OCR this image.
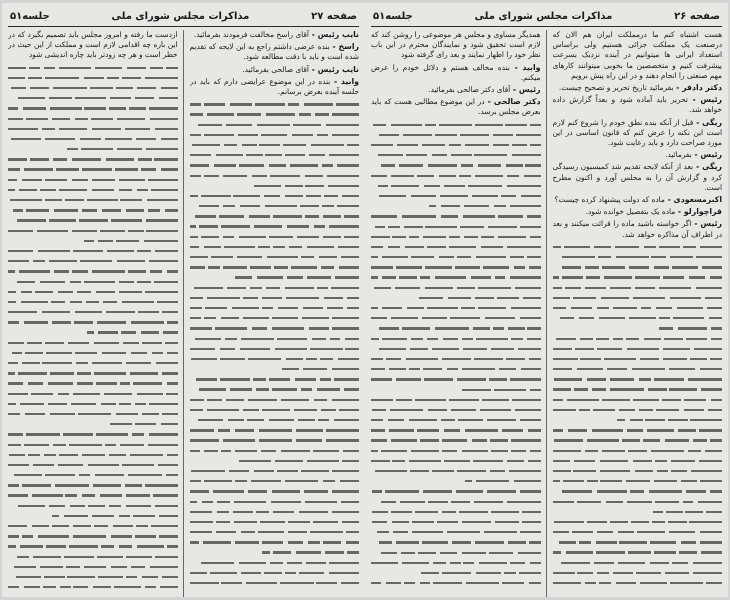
صفحه ۲۶
مذاکرات مجلس شورای ملی
جلسه۵۱

هست اشتباه کنم ما درمملکت ایران هم الان که درصنعت یک مملکت جزائی هستیم ولی براساس استعداد ایرانی ها میتوانیم در آینده نزدیک بسرعت پیشرفت کنیم و متخصصین ما بخوبی میتوانند کارهای مهم صنعتی را انجام دهند و در این راه پیش برویم

دکتر دادفر - بفرمائید تاریخ تحریر و تصحیح چیست.

رئیس - تحریر باید آماده شود و بعداً گزارش داده خواهد شد.

ریگی - قبل از آنکه بنده نطق خودم را شروع کنم لازم است این نکته را عرض کنم که قانون اساسی در این مورد صراحت دارد و باید رعایت شود.

رئیس - بفرمائید.

ریگی - بعد از آنکه لایحه تقدیم شد کمیسیون رسیدگی کرد و گزارش آن را به مجلس آورد و اکنون مطرح است.

اکبرمسعودی - ماده که دولت پیشنهاد کرده چیست؟

فراچوارلو - ماده یک بتفصیل خوانده شود.

رئیس - اگر خواسته باشید ماده را قرائت میکنند و بعد در اطراف آن مذاکره خواهد شد.

همدیگر مساوی و مجلس هر موضوعی را روشن کند که لازم است تحقیق شود و نمایندگان محترم در این باب نظر خود را اظهار نمایند و بعد رای گرفته شود

وابید - بنده مخالف هستم و دلائل خودم را عرض میکنم.

رئیس - آقای دکتر صالحی بفرمائید.

دکتر صالحی - در این موضوع مطالبی هست که باید بعرض مجلس برسد.

صفحه ۲۷
مذاکرات مجلس شورای ملی
جلسه۵۱

نایب رئیس - آقای راسخ مخالفت فرمودند بفرمائید.

راسخ - بنده عرضی داشتم راجع به این لایحه که تقدیم شده است و باید با دقت مطالعه شود.

نایب رئیس - آقای صالحی بفرمائید.

وابید - بنده در این موضوع عرایضی دارم که باید در جلسه آینده بعرض برسانم.

ازدست ما رفته و امروز مجلس باید تصمیم بگیرد که در این باره چه اقدامی لازم است و مملکت از این حیث در خطر است و هر چه زودتر باید چاره اندیشی شود
